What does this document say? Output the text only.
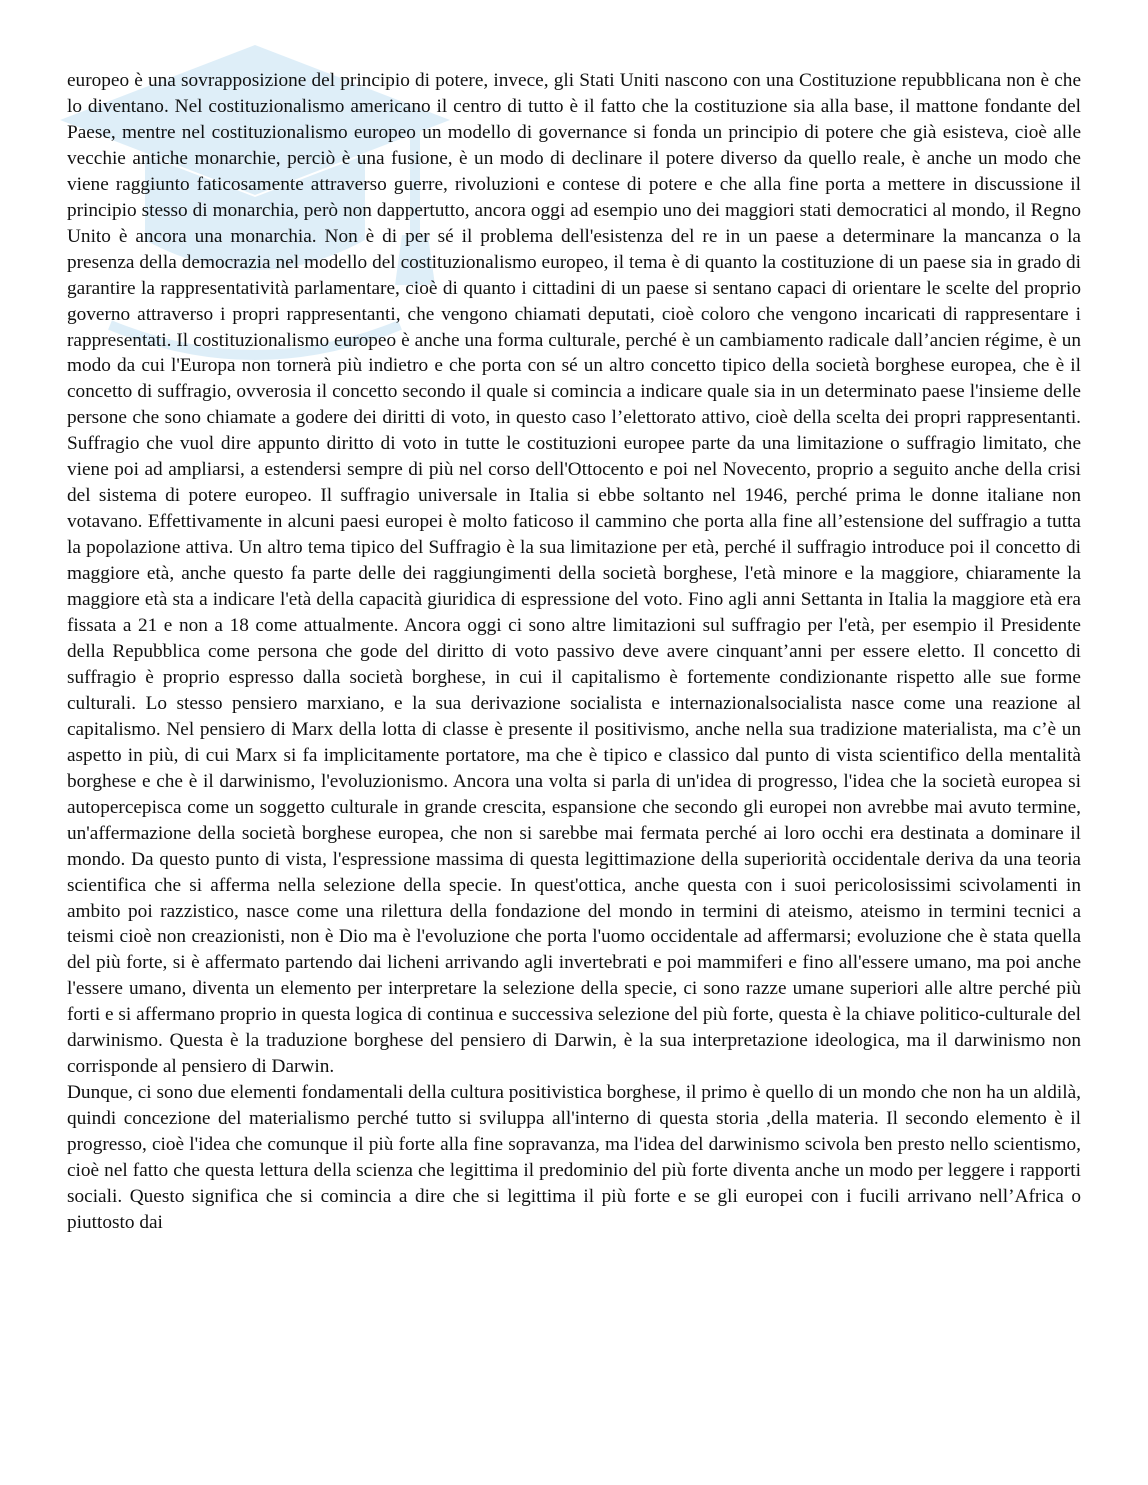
europeo è una sovrapposizione del principio di potere, invece, gli Stati Uniti nascono con una Costituzione repubblicana non è che lo diventano. Nel costituzionalismo americano il centro di tutto è il fatto che la costituzione sia alla base, il mattone fondante del Paese, mentre nel costituzionalismo europeo un modello di governance si fonda un principio di potere che già esisteva, cioè alle vecchie antiche monarchie, perciò è una fusione, è un modo di declinare il potere diverso da quello reale, è anche un modo che viene raggiunto faticosamente attraverso guerre, rivoluzioni e contese di potere e che alla fine porta a mettere in discussione il principio stesso di monarchia, però non dappertutto, ancora oggi ad esempio uno dei maggiori stati democratici al mondo, il Regno Unito è ancora una monarchia. Non è di per sé il problema dell'esistenza del re in un paese a determinare la mancanza o la presenza della democrazia nel modello del costituzionalismo europeo, il tema è di quanto la costituzione di un paese sia in grado di garantire la rappresentatività parlamentare, cioè di quanto i cittadini di un paese si sentano capaci di orientare le scelte del proprio governo attraverso i propri rappresentanti, che vengono chiamati deputati, cioè coloro che vengono incaricati di rappresentare i rappresentati. Il costituzionalismo europeo è anche una forma culturale, perché è un cambiamento radicale dall’ancien régime, è un modo da cui l'Europa non tornerà più indietro e che porta con sé un altro concetto tipico della società borghese europea, che è il concetto di suffragio, ovverosia il concetto secondo il quale si comincia a indicare quale sia in un determinato paese l'insieme delle persone che sono chiamate a godere dei diritti di voto, in questo caso l’elettorato attivo, cioè della scelta dei propri rappresentanti. Suffragio che vuol dire appunto diritto di voto in tutte le costituzioni europee parte da una limitazione o suffragio limitato, che viene poi ad ampliarsi, a estendersi sempre di più nel corso dell'Ottocento e poi nel Novecento, proprio a seguito anche della crisi del sistema di potere europeo. Il suffragio universale in Italia si ebbe soltanto nel 1946, perché prima le donne italiane non votavano. Effettivamente in alcuni paesi europei è molto faticoso il cammino che porta alla fine all’estensione del suffragio a tutta la popolazione attiva. Un altro tema tipico del Suffragio è la sua limitazione per età, perché il suffragio introduce poi il concetto di maggiore età, anche questo fa parte delle dei raggiungimenti della società borghese, l'età minore e la maggiore, chiaramente la maggiore età sta a indicare l'età della capacità giuridica di espressione del voto. Fino agli anni Settanta in Italia la maggiore età era fissata a 21 e non a 18 come attualmente. Ancora oggi ci sono altre limitazioni sul suffragio per l'età, per esempio il Presidente della Repubblica come persona che gode del diritto di voto passivo deve avere cinquant’anni per essere eletto. Il concetto di suffragio è proprio espresso dalla società borghese, in cui il capitalismo è fortemente condizionante rispetto alle sue forme culturali. Lo stesso pensiero marxiano, e la sua derivazione socialista e internazionalsocialista nasce come una reazione al capitalismo. Nel pensiero di Marx della lotta di classe è presente il positivismo, anche nella sua tradizione materialista, ma c’è un aspetto in più, di cui Marx si fa implicitamente portatore, ma che è tipico e classico dal punto di vista scientifico della mentalità borghese e che è il darwinismo, l'evoluzionismo. Ancora una volta si parla di un'idea di progresso, l'idea che la società europea si autopercepisca come un soggetto culturale in grande crescita, espansione che secondo gli europei non avrebbe mai avuto termine, un'affermazione della società borghese europea, che non si sarebbe mai fermata perché ai loro occhi era destinata a dominare il mondo. Da questo punto di vista, l'espressione massima di questa legittimazione della superiorità occidentale deriva da una teoria scientifica che si afferma nella selezione della specie. In quest'ottica, anche questa con i suoi pericolosissimi scivolamenti in ambito poi razzistico, nasce come una rilettura della fondazione del mondo in termini di ateismo, ateismo in termini tecnici a teismi cioè non creazionisti, non è Dio ma è l'evoluzione che porta l'uomo occidentale ad affermarsi; evoluzione che è stata quella del più forte, si è affermato partendo dai licheni arrivando agli invertebrati e poi mammiferi e fino all'essere umano, ma poi anche l'essere umano, diventa un elemento per interpretare la selezione della specie, ci sono razze umane superiori alle altre perché più forti e si affermano proprio in questa logica di continua e successiva selezione del più forte, questa è la chiave politico-culturale del darwinismo. Questa è la traduzione borghese del pensiero di Darwin, è la sua interpretazione ideologica, ma il darwinismo non corrisponde al pensiero di Darwin.

Dunque, ci sono due elementi fondamentali della cultura positivistica borghese, il primo è quello di un mondo che non ha un aldilà, quindi concezione del materialismo perché tutto si sviluppa all'interno di questa storia ,della materia. Il secondo elemento è il progresso, cioè l'idea che comunque il più forte alla fine sopravanza, ma l'idea del darwinismo scivola ben presto nello scientismo, cioè nel fatto che questa lettura della scienza che legittima il predominio del più forte diventa anche un modo per leggere i rapporti sociali. Questo significa che si comincia a dire che si legittima il più forte e se gli europei con i fucili arrivano nell’Africa o piuttosto dai
